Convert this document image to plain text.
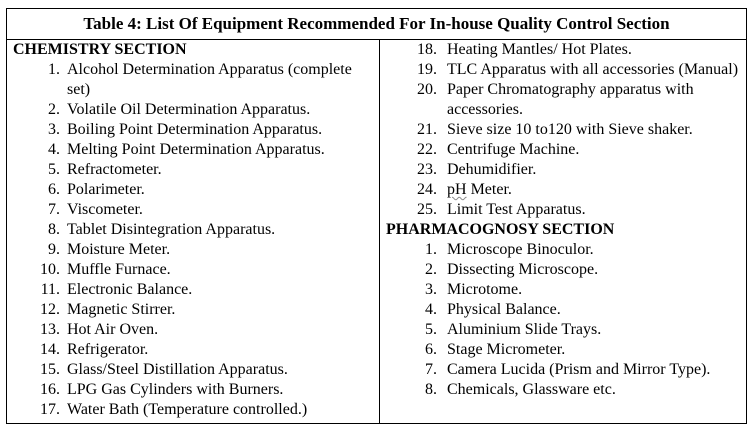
Table 4: List Of Equipment Recommended For In-house Quality Control Section
CHEMISTRY SECTION
1. Alcohol Determination Apparatus (complete set)
2. Volatile Oil Determination Apparatus.
3. Boiling Point Determination Apparatus.
4. Melting Point Determination Apparatus.
5. Refractometer.
6. Polarimeter.
7. Viscometer.
8. Tablet Disintegration Apparatus.
9. Moisture Meter.
10. Muffle Furnace.
11. Electronic Balance.
12. Magnetic Stirrer.
13. Hot Air Oven.
14. Refrigerator.
15. Glass/Steel Distillation Apparatus.
16. LPG Gas Cylinders with Burners.
17. Water Bath (Temperature controlled.)
18. Heating Mantles/ Hot Plates.
19. TLC Apparatus with all accessories (Manual)
20. Paper Chromatography apparatus with accessories.
21. Sieve size 10 to120 with Sieve shaker.
22. Centrifuge Machine.
23. Dehumidifier.
24. pH Meter.
25. Limit Test Apparatus.
PHARMACOGNOSY SECTION
1. Microscope Binoculor.
2. Dissecting Microscope.
3. Microtome.
4. Physical Balance.
5. Aluminium Slide Trays.
6. Stage Micrometer.
7. Camera Lucida (Prism and Mirror Type).
8. Chemicals, Glassware etc.
